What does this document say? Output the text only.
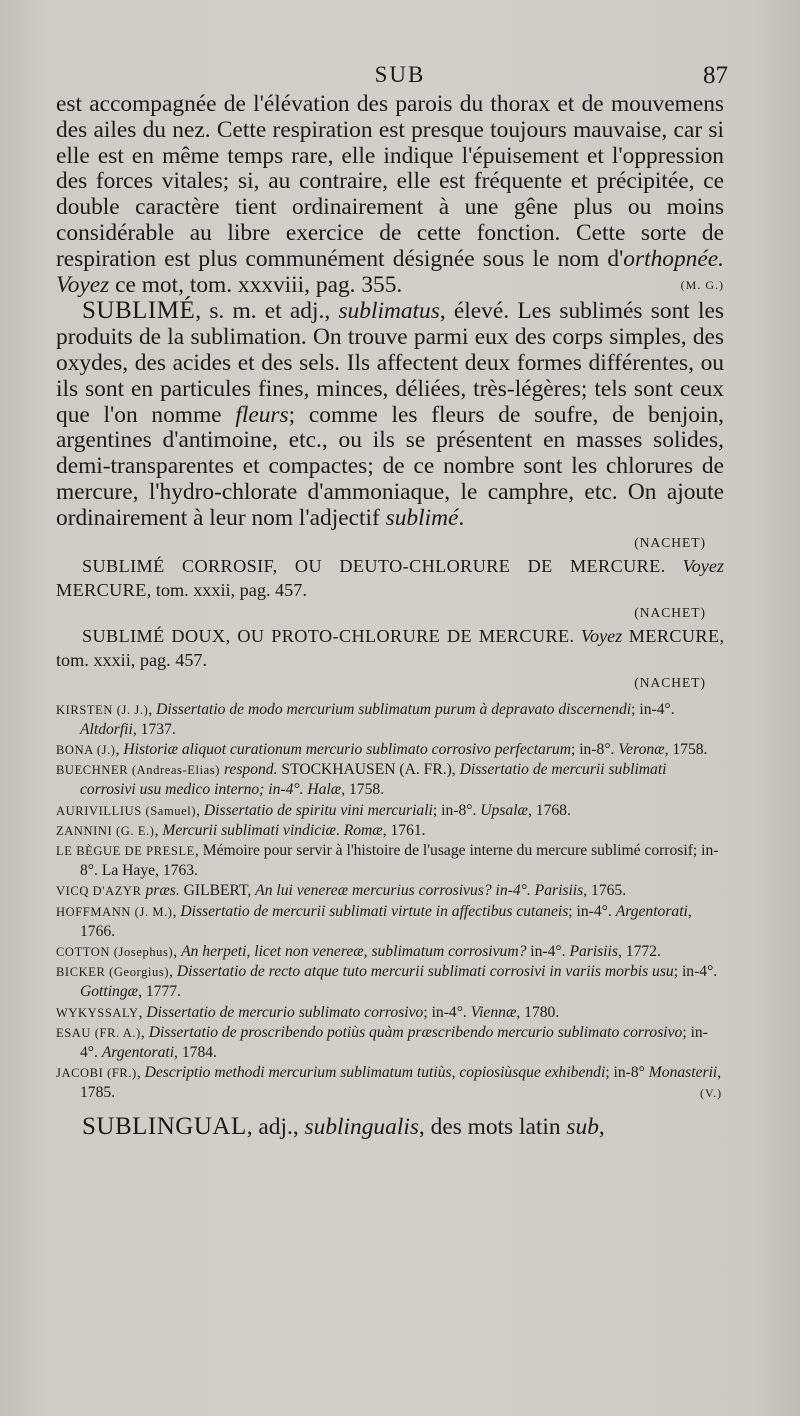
SUB	87

est accompagnée de l'élévation des parois du thorax et de mouvemens des ailes du nez. Cette respiration est presque toujours mauvaise, car si elle est en même temps rare, elle indique l'épuisement et l'oppression des forces vitales; si, au contraire, elle est fréquente et précipitée, ce double caractère tient ordinairement à une gêne plus ou moins considérable au libre exercice de cette fonction. Cette sorte de respiration est plus communément désignée sous le nom d'orthopnée. Voyez ce mot, tom. xxxviii, pag. 355.	(M. G.)

SUBLIMÉ, s. m. et adj., sublimatus, élevé. Les sublimés sont les produits de la sublimation. On trouve parmi eux des corps simples, des oxydes, des acides et des sels. Ils affectent deux formes différentes, ou ils sont en particules fines, minces, déliées, très-légères; tels sont ceux que l'on nomme fleurs; comme les fleurs de soufre, de benjoin, argentines d'antimoine, etc., ou ils se présentent en masses solides, demi-transparentes et compactes; de ce nombre sont les chlorures de mercure, l'hydro-chlorate d'ammoniaque, le camphre, etc. On ajoute ordinairement à leur nom l'adjectif sublimé.

(NACHET)

SUBLIMÉ CORROSIF, OU DEUTO-CHLORURE DE MERCURE. Voyez MERCURE, tom. xxxii, pag. 457.

(NACHET)

SUBLIMÉ DOUX, OU PROTO-CHLORURE DE MERCURE. Voyez MERCURE, tom. xxxii, pag. 457.

(NACHET)

KIRSTEN (J. J.), Dissertatio de modo mercurium sublimatum purum à depravato discernendi; in-4°. Altdorfii, 1737.

BONA (J.), Historiæ aliquot curationum mercurio sublimato corrosivo perfectarum; in-8°. Veronæ, 1758.

BUECHNER (Andreas-Elias) respond. STOCKHAUSEN (A. FR.), Dissertatio de mercurii sublimati corrosivi usu medico interno; in-4°. Halæ, 1758.

AURIVILLIUS (Samuel), Dissertatio de spiritu vini mercuriali; in-8°. Upsalæ, 1768.

ZANNINI (G. E.), Mercurii sublimati vindiciæ. Romæ, 1761.

LE BÈGUE DE PRESLE, Mémoire pour servir à l'histoire de l'usage interne du mercure sublimé corrosif; in-8°. La Haye, 1763.

VICQ D'AZYR præs. GILBERT, An lui venereæ mercurius corrosivus? in-4°. Parisiis, 1765.

HOFFMANN (J. M.), Dissertatio de mercurii sublimati virtute in affectibus cutaneis; in-4°. Argentorati, 1766.

COTTON (Josephus), An herpeti, licet non venereæ, sublimatum corrosivum? in-4°. Parisiis, 1772.

BICKER (Georgius), Dissertatio de recto atque tuto mercurii sublimati corrosivi in variis morbis usu; in-4°. Gottingæ, 1777.

WYKYSSALY, Dissertatio de mercurio sublimato corrosivo; in-4°. Viennæ, 1780.

ESAU (FR. A.), Dissertatio de proscribendo potiùs quàm præscribendo mercurio sublimato corrosivo; in-4°. Argentorati, 1784.

JACOBI (FR.), Descriptio methodi mercurium sublimatum tutiùs, copiosiùsque exhibendi; in-8° Monasterii, 1785.	(V.)

SUBLINGUAL, adj., sublingualis, des mots latin sub,
